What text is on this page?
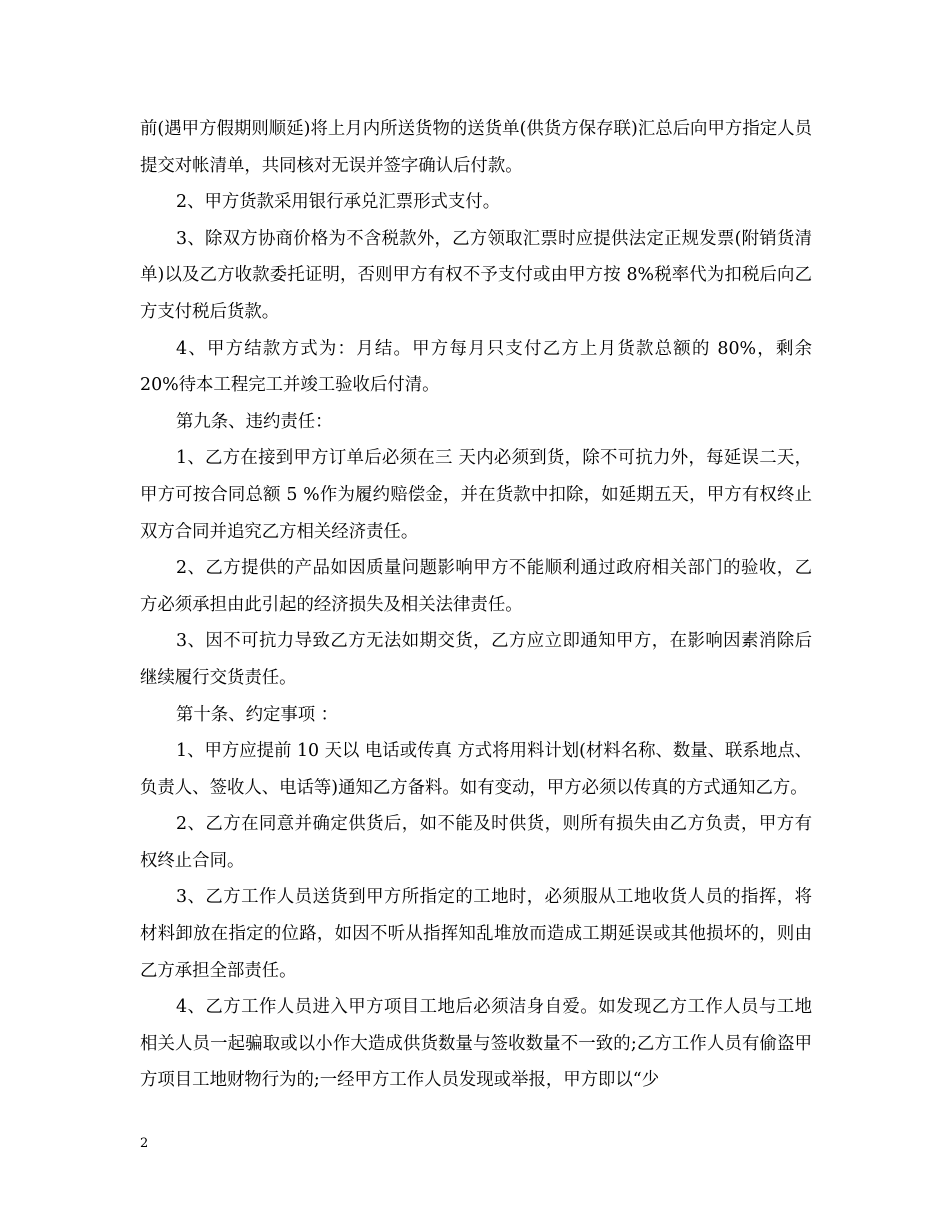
前(遇甲方假期则顺延)将上月内所送货物的送货单(供货方保存联)汇总后向甲方指定人员提交对帐清单，共同核对无误并签字确认后付款。

2、甲方货款采用银行承兑汇票形式支付。

3、除双方协商价格为不含税款外，乙方领取汇票时应提供法定正规发票(附销货清单)以及乙方收款委托证明，否则甲方有权不予支付或由甲方按 8%税率代为扣税后向乙方支付税后货款。

4、甲方结款方式为：月结。甲方每月只支付乙方上月货款总额的 80%，剩余 20%待本工程完工并竣工验收后付清。

第九条、违约责任：

1、乙方在接到甲方订单后必须在三 天内必须到货，除不可抗力外，每延误二天，甲方可按合同总额 5 %作为履约赔偿金，并在货款中扣除，如延期五天，甲方有权终止双方合同并追究乙方相关经济责任。

2、乙方提供的产品如因质量问题影响甲方不能顺利通过政府相关部门的验收，乙方必须承担由此引起的经济损失及相关法律责任。

3、因不可抗力导致乙方无法如期交货，乙方应立即通知甲方，在影响因素消除后继续履行交货责任。

第十条、约定事项 ：

1、甲方应提前 10 天以 电话或传真 方式将用料计划(材料名称、数量、联系地点、负责人、签收人、电话等)通知乙方备料。如有变动，甲方必须以传真的方式通知乙方。

2、乙方在同意并确定供货后，如不能及时供货，则所有损失由乙方负责，甲方有权终止合同。

3、乙方工作人员送货到甲方所指定的工地时，必须服从工地收货人员的指挥，将材料卸放在指定的位路，如因不听从指挥知乱堆放而造成工期延误或其他损坏的，则由乙方承担全部责任。

4、乙方工作人员进入甲方项目工地后必须洁身自爱。如发现乙方工作人员与工地相关人员一起骗取或以小作大造成供货数量与签收数量不一致的;乙方工作人员有偷盗甲方项目工地财物行为的;一经甲方工作人员发现或举报，甲方即以“少

2
